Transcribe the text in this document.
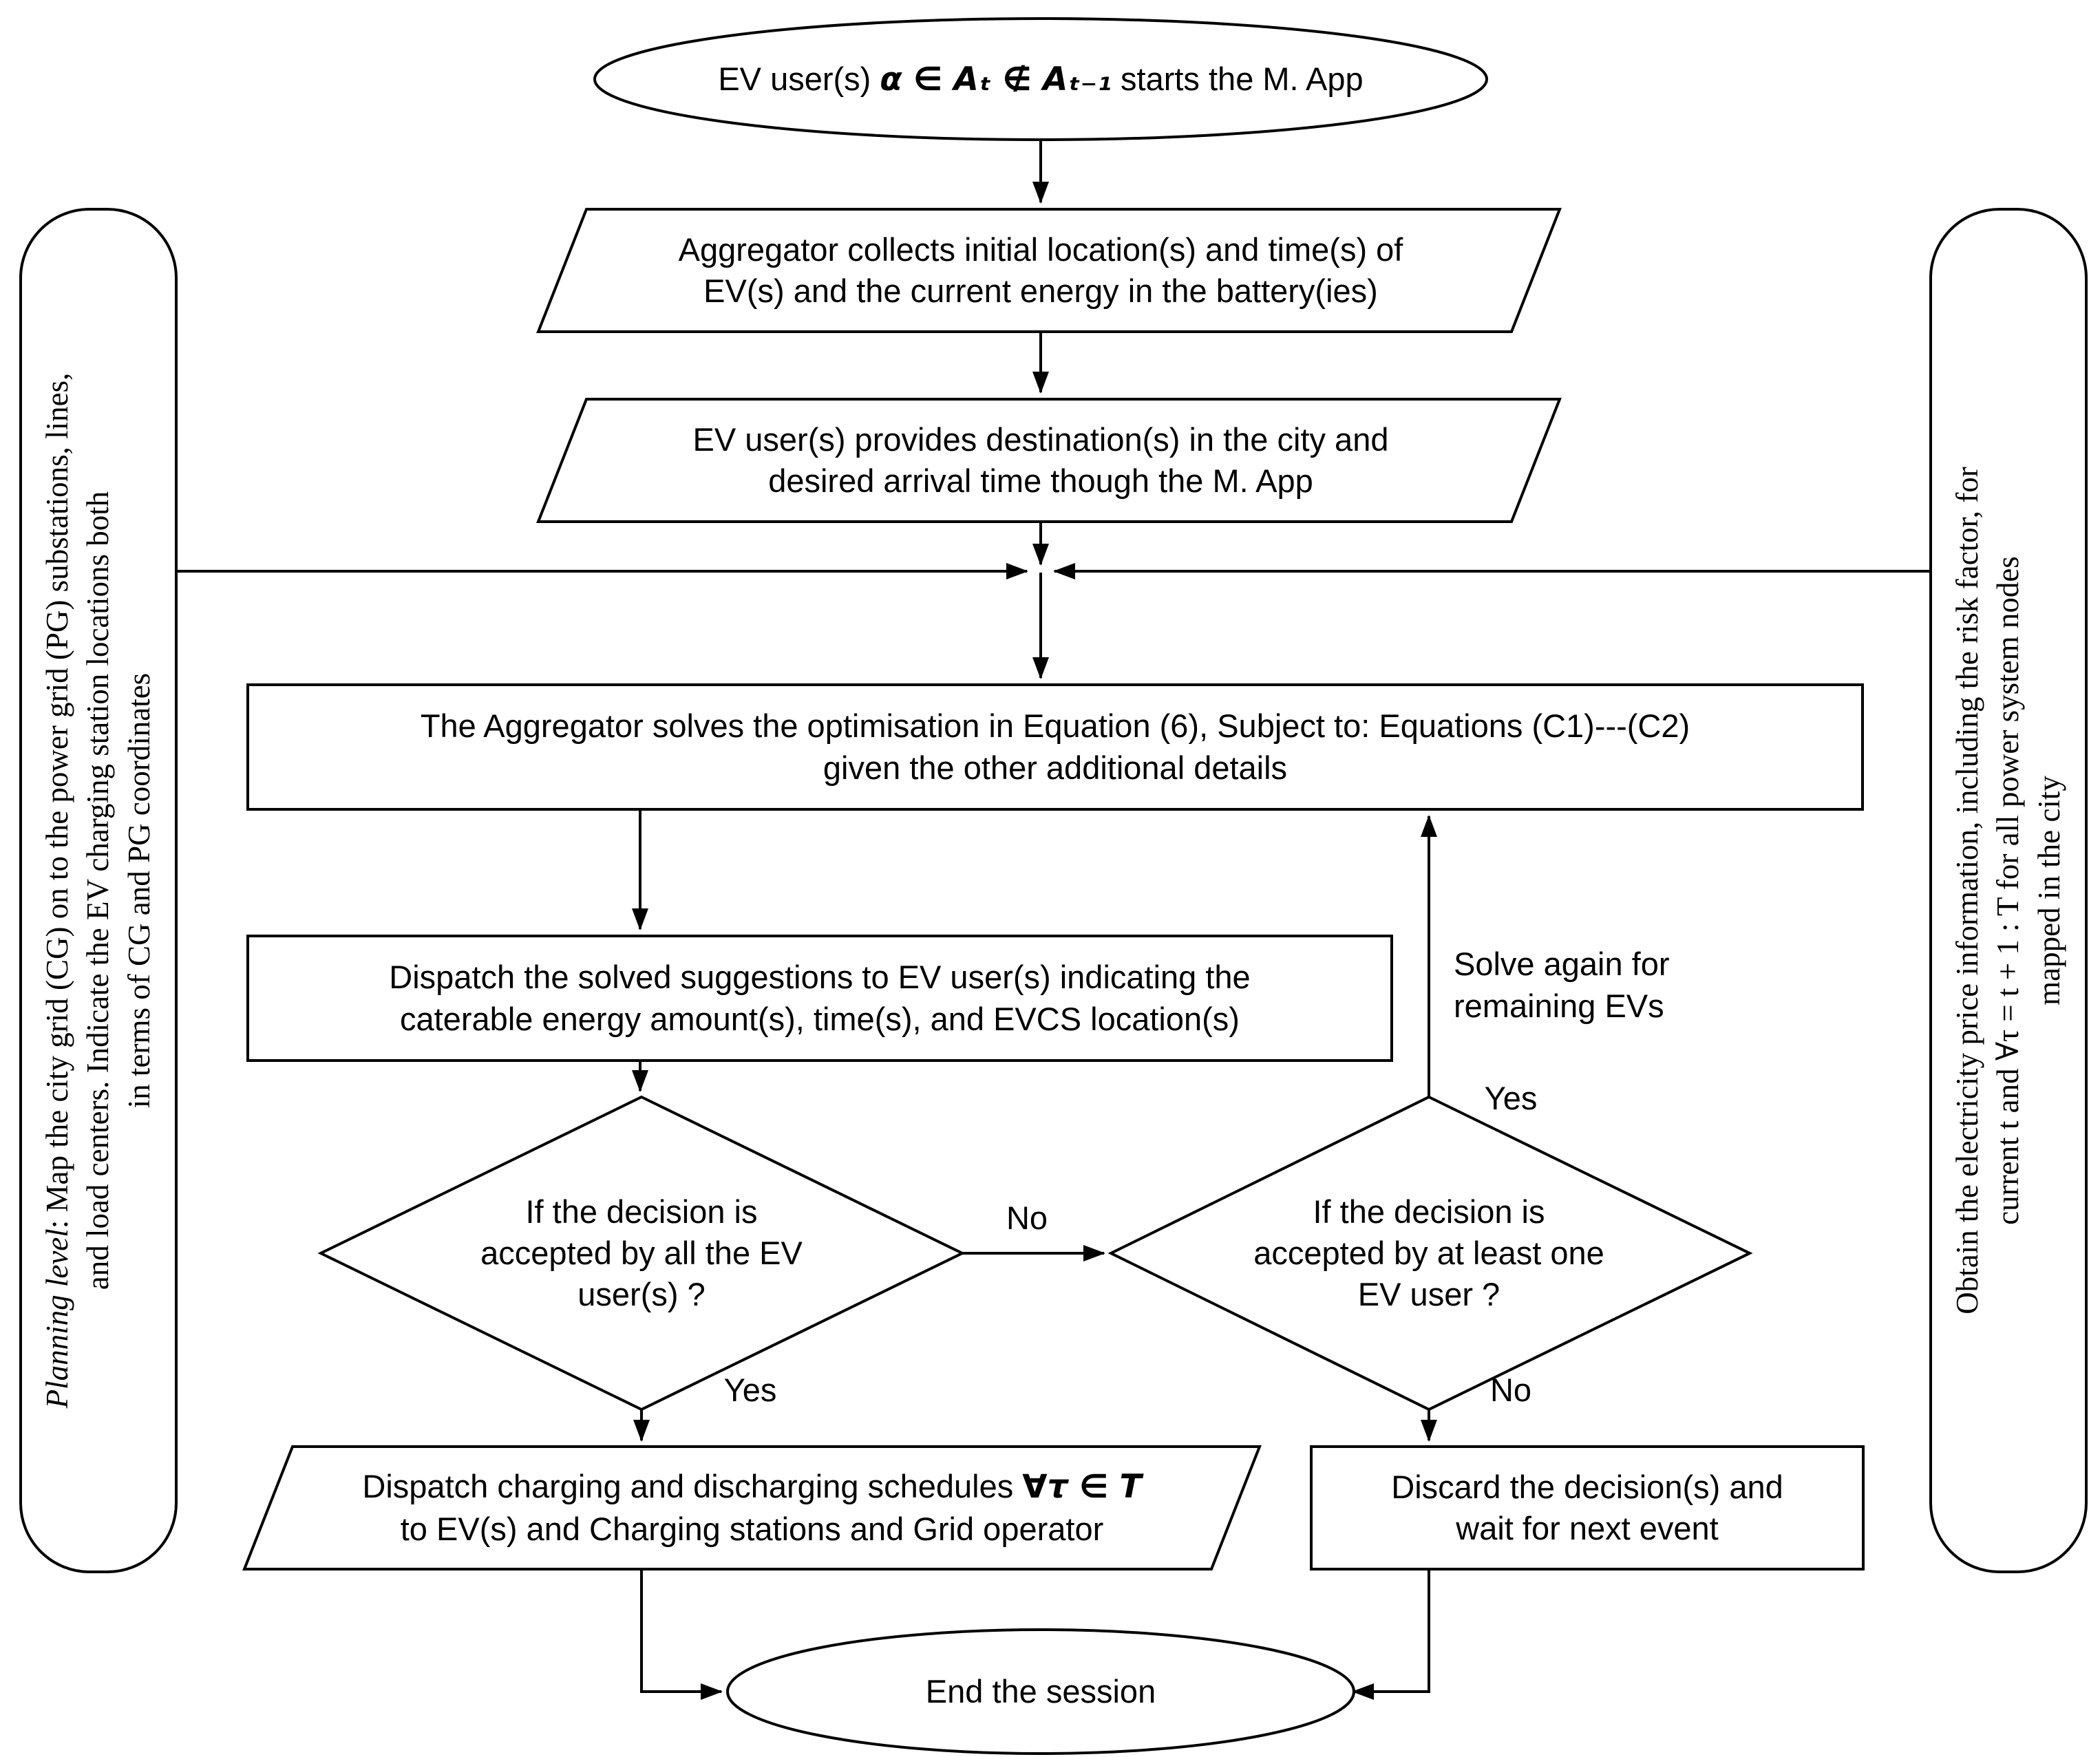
EV user(s) α ∈ Aₜ ∉ Aₜ₋₁ starts the M. App
Aggregator collects initial location(s) and time(s) of
EV(s) and the current energy in the battery(ies)
EV user(s) provides destination(s) in the city and
desired arrival time though the M. App
The Aggregator solves the optimisation in Equation (6), Subject to: Equations (C1)---(C2)
given the other additional details
Dispatch the solved suggestions to EV user(s) indicating the
caterable energy amount(s), time(s), and EVCS location(s)
If the decision is
accepted by all the EV
user(s) ?
If the decision is
accepted by at least one
EV user ?
Dispatch charging and discharging schedules ∀τ ∈ T
to EV(s) and Charging stations and Grid operator
Discard the decision(s) and
wait for next event
End the session
No
Yes	No
Yes
Solve again for
remaining EVs
Planning level: Map the city grid (CG) on to the power grid (PG) substations, lines, and load centers. Indicate the EV charging station locations both in terms of CG and PG coordinates	Obtain the electricity price information, including the risk factor, for current t and ∀τ = t + 1 : T for all power system nodes mapped in the city
